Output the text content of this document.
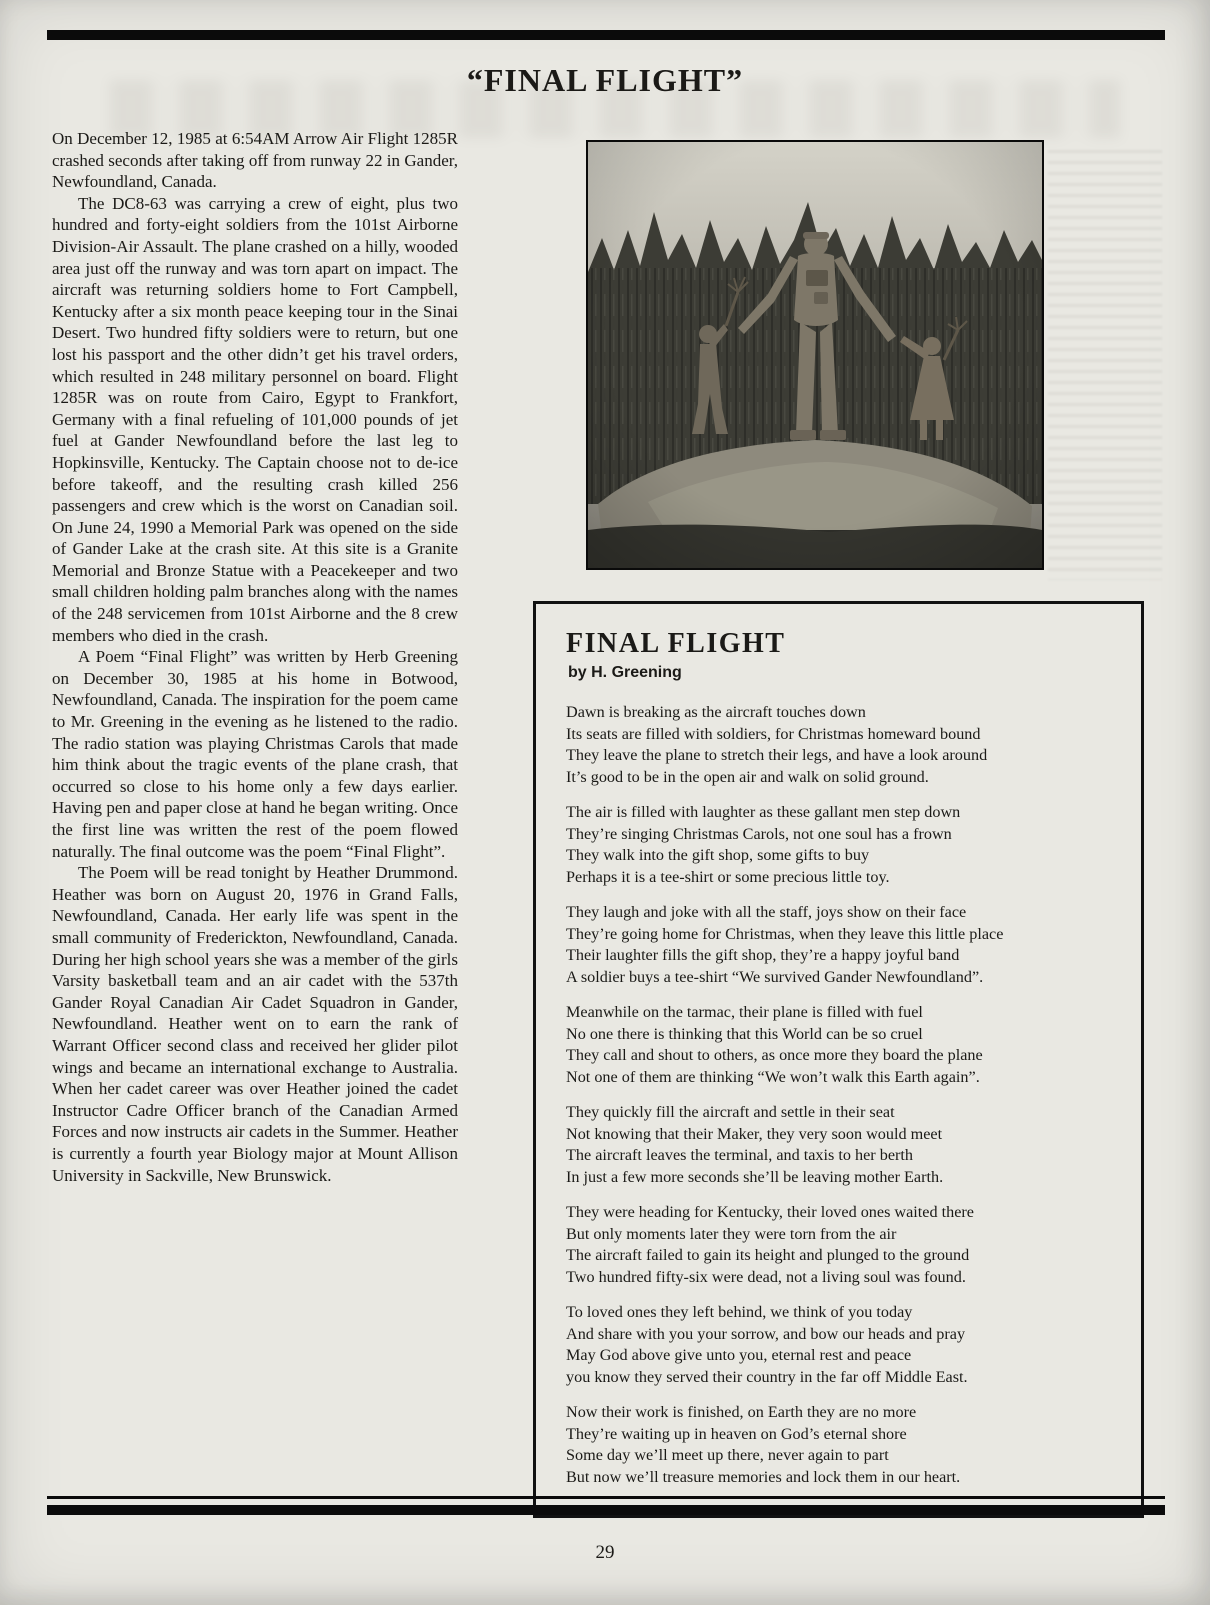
“FINAL FLIGHT”

On December 12, 1985 at 6:54AM Arrow Air Flight 1285R crashed seconds after taking off from runway 22 in Gander, Newfoundland, Canada.

The DC8-63 was carrying a crew of eight, plus two hundred and forty-eight soldiers from the 101st Airborne Division-Air Assault. The plane crashed on a hilly, wooded area just off the runway and was torn apart on impact. The aircraft was returning soldiers home to Fort Campbell, Kentucky after a six month peace keeping tour in the Sinai Desert. Two hundred fifty soldiers were to return, but one lost his passport and the other didn’t get his travel orders, which resulted in 248 military personnel on board. Flight 1285R was on route from Cairo, Egypt to Frankfort, Germany with a final refueling of 101,000 pounds of jet fuel at Gander Newfoundland before the last leg to Hopkinsville, Kentucky. The Captain choose not to de-ice before takeoff, and the resulting crash killed 256 passengers and crew which is the worst on Canadian soil. On June 24, 1990 a Memorial Park was opened on the side of Gander Lake at the crash site. At this site is a Granite Memorial and Bronze Statue with a Peacekeeper and two small children holding palm branches along with the names of the 248 servicemen from 101st Airborne and the 8 crew members who died in the crash.

A Poem “Final Flight” was written by Herb Greening on December 30, 1985 at his home in Botwood, Newfoundland, Canada. The inspiration for the poem came to Mr. Greening in the evening as he listened to the radio. The radio station was playing Christmas Carols that made him think about the tragic events of the plane crash, that occurred so close to his home only a few days earlier. Having pen and paper close at hand he began writing. Once the first line was written the rest of the poem flowed naturally. The final outcome was the poem “Final Flight”.

The Poem will be read tonight by Heather Drummond. Heather was born on August 20, 1976 in Grand Falls, Newfoundland, Canada. Her early life was spent in the small community of Frederickton, Newfoundland, Canada. During her high school years she was a member of the girls Varsity basketball team and an air cadet with the 537th Gander Royal Canadian Air Cadet Squadron in Gander, Newfoundland. Heather went on to earn the rank of Warrant Officer second class and received her glider pilot wings and became an international exchange to Australia. When her cadet career was over Heather joined the cadet Instructor Cadre Officer branch of the Canadian Armed Forces and now instructs air cadets in the Summer. Heather is currently a fourth year Biology major at Mount Allison University in Sackville, New Brunswick.

FINAL FLIGHT
by H. Greening
Dawn is breaking as the aircraft touches down
Its seats are filled with soldiers, for Christmas homeward bound
They leave the plane to stretch their legs, and have a look around
It’s good to be in the open air and walk on solid ground.
The air is filled with laughter as these gallant men step down
They’re singing Christmas Carols, not one soul has a frown
They walk into the gift shop, some gifts to buy
Perhaps it is a tee-shirt or some precious little toy.
They laugh and joke with all the staff, joys show on their face
They’re going home for Christmas, when they leave this little place
Their laughter fills the gift shop, they’re a happy joyful band
A soldier buys a tee-shirt “We survived Gander Newfoundland”.
Meanwhile on the tarmac, their plane is filled with fuel
No one there is thinking that this World can be so cruel
They call and shout to others, as once more they board the plane
Not one of them are thinking “We won’t walk this Earth again”.
They quickly fill the aircraft and settle in their seat
Not knowing that their Maker, they very soon would meet
The aircraft leaves the terminal, and taxis to her berth
In just a few more seconds she’ll be leaving mother Earth.
They were heading for Kentucky, their loved ones waited there
But only moments later they were torn from the air
The aircraft failed to gain its height and plunged to the ground
Two hundred fifty-six were dead, not a living soul was found.
To loved ones they left behind, we think of you today
And share with you your sorrow, and bow our heads and pray
May God above give unto you, eternal rest and peace
you know they served their country in the far off Middle East.
Now their work is finished, on Earth they are no more
They’re waiting up in heaven on God’s eternal shore
Some day we’ll meet up there, never again to part
But now we’ll treasure memories and lock them in our heart.
29
